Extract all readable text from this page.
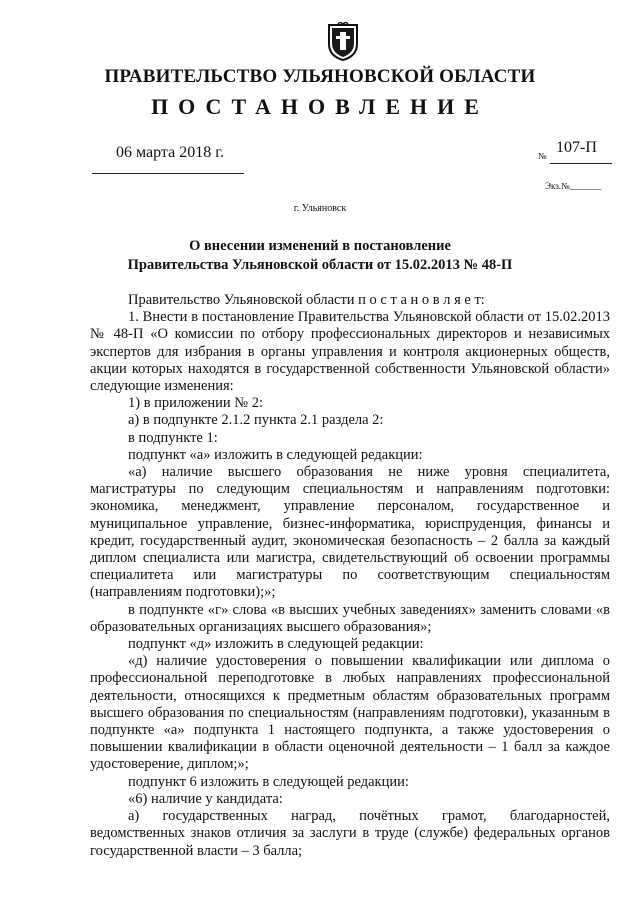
ПРАВИТЕЛЬСТВО УЛЬЯНОВСКОЙ ОБЛАСТИ
ПОСТАНОВЛЕНИЕ
06 марта 2018 г.	107-П
№
Экз.№_______
г. Ульяновск
О внесении изменений в постановление
Правительства Ульяновской области от 15.02.2013 № 48-П

Правительство Ульяновской области п о с т а н о в л я е т:

1. Внести в постановление Правительства Ульяновской области от 15.02.2013 № 48-П «О комиссии по отбору профессиональных директоров и независимых экспертов для избрания в органы управления и контроля акционерных обществ, акции которых находятся в государственной собственности Ульяновской области» следующие изменения:

1) в приложении № 2:

а) в подпункте 2.1.2 пункта 2.1 раздела 2:

в подпункте 1:

подпункт «а» изложить в следующей редакции:

«а) наличие высшего образования не ниже уровня специалитета, магистратуры по следующим специальностям и направлениям подготовки: экономика, менеджмент, управление персоналом, государственное и муниципальное управление, бизнес-информатика, юриспруденция, финансы и кредит, государственный аудит, экономическая безопасность – 2 балла за каждый диплом специалиста или магистра, свидетельствующий об освоении программы специалитета или магистратуры по соответствующим специальностям (направлениям подготовки);»;

в подпункте «г» слова «в высших учебных заведениях» заменить словами «в образовательных организациях высшего образования»;

подпункт «д» изложить в следующей редакции:

«д) наличие удостоверения о повышении квалификации или диплома о профессиональной переподготовке в любых направлениях профессиональной деятельности, относящихся к предметным областям образовательных программ высшего образования по специальностям (направлениям подготовки), указанным в подпункте «а» подпункта 1 настоящего подпункта, а также удостоверения о повышении квалификации в области оценочной деятельности – 1 балл за каждое удостоверение, диплом;»;

подпункт 6 изложить в следующей редакции:

«6) наличие у кандидата:

а) государственных наград, почётных грамот, благодарностей, ведомственных знаков отличия за заслуги в труде (службе) федеральных органов государственной власти – 3 балла;
